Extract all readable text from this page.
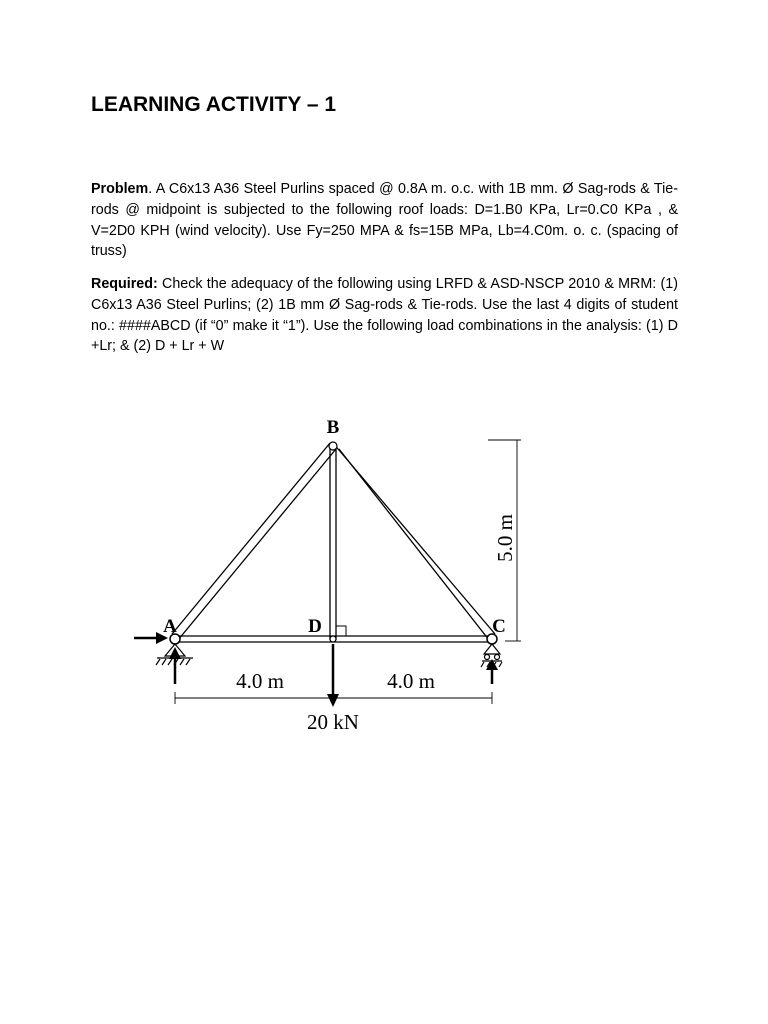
LEARNING ACTIVITY – 1

Problem. A C6x13 A36 Steel Purlins spaced @ 0.8A m. o.c. with 1B mm. Ø Sag-rods & Tie-rods @ midpoint is subjected to the following roof loads: D=1.B0 KPa, Lr=0.C0 KPa , & V=2D0 KPH (wind velocity). Use Fy=250 MPA & fs=15B MPa, Lb=4.C0m. o. c. (spacing of truss)

Required: Check the adequacy of the following using LRFD & ASD-NSCP 2010 & MRM: (1) C6x13 A36 Steel Purlins; (2) 1B mm Ø Sag-rods & Tie-rods. Use the last 4 digits of student no.: ####ABCD (if “0” make it “1”). Use the following load combinations in the analysis: (1) D +Lr; & (2) D + Lr + W

B
A	D	C
4.0 m	4.0 m
5.0 m
20 kN
